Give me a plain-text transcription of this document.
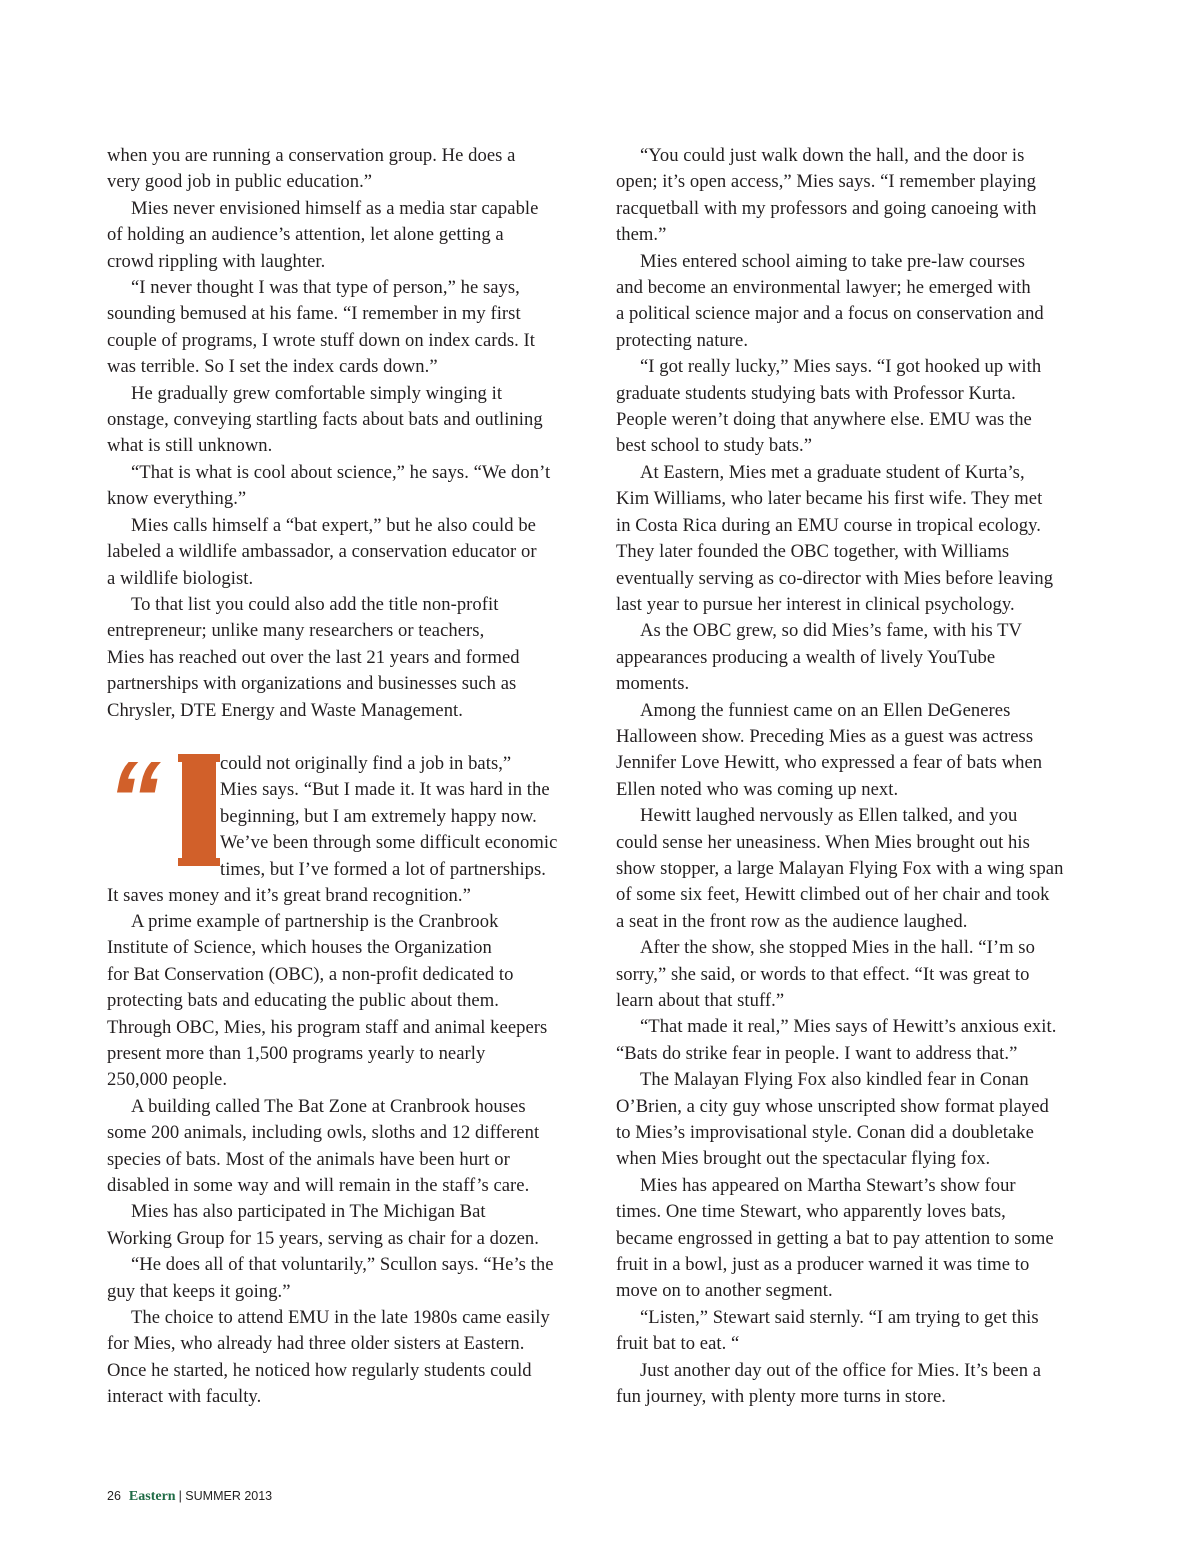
when you are running a conservation group. He does a
very good job in public education.”

Mies never envisioned himself as a media star capable
of holding an audience’s attention, let alone getting a
crowd rippling with laughter.

“I never thought I was that type of person,” he says,
sounding bemused at his fame. “I remember in my first
couple of programs, I wrote stuff down on index cards. It
was terrible. So I set the index cards down.”

He gradually grew comfortable simply winging it
onstage, conveying startling facts about bats and outlining
what is still unknown.

“That is what is cool about science,” he says. “We don’t
know everything.”

Mies calls himself a “bat expert,” but he also could be
labeled a wildlife ambassador, a conservation educator or
a wildlife biologist.

To that list you could also add the title non-profit
entrepreneur; unlike many researchers or teachers,
Mies has reached out over the last 21 years and formed
partnerships with organizations and businesses such as
Chrysler, DTE Energy and Waste Management.

“	could not originally find a job in bats,”
Mies says. “But I made it. It was hard in the
beginning, but I am extremely happy now.
We’ve been through some difficult economic
times, but I’ve formed a lot of partnerships.
It saves money and it’s great brand recognition.”

A prime example of partnership is the Cranbrook
Institute of Science, which houses the Organization
for Bat Conservation (OBC), a non-profit dedicated to
protecting bats and educating the public about them.
Through OBC, Mies, his program staff and animal keepers
present more than 1,500 programs yearly to nearly
250,000 people.

A building called The Bat Zone at Cranbrook houses
some 200 animals, including owls, sloths and 12 different
species of bats. Most of the animals have been hurt or
disabled in some way and will remain in the staff’s care.

Mies has also participated in The Michigan Bat
Working Group for 15 years, serving as chair for a dozen.

“He does all of that voluntarily,” Scullon says. “He’s the
guy that keeps it going.”

The choice to attend EMU in the late 1980s came easily
for Mies, who already had three older sisters at Eastern.
Once he started, he noticed how regularly students could
interact with faculty.

“You could just walk down the hall, and the door is
open; it’s open access,” Mies says. “I remember playing
racquetball with my professors and going canoeing with
them.”

Mies entered school aiming to take pre-law courses
and become an environmental lawyer; he emerged with
a political science major and a focus on conservation and
protecting nature.

“I got really lucky,” Mies says. “I got hooked up with
graduate students studying bats with Professor Kurta.
People weren’t doing that anywhere else. EMU was the
best school to study bats.”

At Eastern, Mies met a graduate student of Kurta’s,
Kim Williams, who later became his first wife. They met
in Costa Rica during an EMU course in tropical ecology.
They later founded the OBC together, with Williams
eventually serving as co-director with Mies before leaving
last year to pursue her interest in clinical psychology.

As the OBC grew, so did Mies’s fame, with his TV
appearances producing a wealth of lively YouTube
moments.

Among the funniest came on an Ellen DeGeneres
Halloween show. Preceding Mies as a guest was actress
Jennifer Love Hewitt, who expressed a fear of bats when
Ellen noted who was coming up next.

Hewitt laughed nervously as Ellen talked, and you
could sense her uneasiness. When Mies brought out his
show stopper, a large Malayan Flying Fox with a wing span
of some six feet, Hewitt climbed out of her chair and took
a seat in the front row as the audience laughed.

After the show, she stopped Mies in the hall. “I’m so
sorry,” she said, or words to that effect. “It was great to
learn about that stuff.”

“That made it real,” Mies says of Hewitt’s anxious exit.
“Bats do strike fear in people. I want to address that.”

The Malayan Flying Fox also kindled fear in Conan
O’Brien, a city guy whose unscripted show format played
to Mies’s improvisational style. Conan did a doubletake
when Mies brought out the spectacular flying fox.

Mies has appeared on Martha Stewart’s show four
times. One time Stewart, who apparently loves bats,
became engrossed in getting a bat to pay attention to some
fruit in a bowl, just as a producer warned it was time to
move on to another segment.

“Listen,” Stewart said sternly. “I am trying to get this
fruit bat to eat. “

Just another day out of the office for Mies. It’s been a
fun journey, with plenty more turns in store.

26 Eastern | SUMMER 2013
